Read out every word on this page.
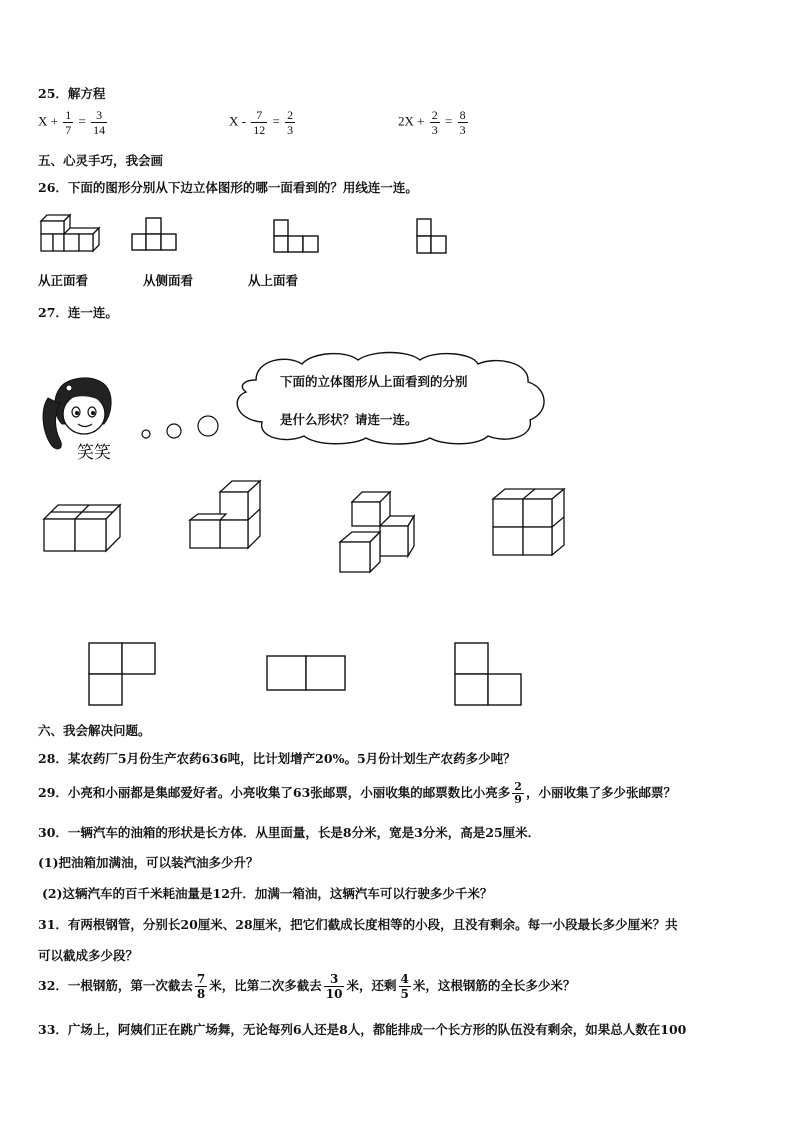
25．解方程
$X + \frac{1}{7} = \frac{3}{14}$	$X - \frac{7}{12} = \frac{2}{3}$	$2X + \frac{2}{3} = \frac{8}{3}$
五、心灵手巧，我会画
26．下面的图形分别从下边立体图形的哪一面看到的？用线连一连。
从正面看	从侧面看	从上面看
27．连一连。
笑笑
下面的立体图形从上面看到的分别
是什么形状？请连一连。
六、我会解决问题。
28．某农药厂5月份生产农药636吨，比计划增产20%。5月份计划生产农药多少吨？
29．小亮和小丽都是集邮爱好者。小亮收集了63张邮票，小丽收集的邮票数比小亮多 $\frac{2}{9}$ ，小丽收集了多少张邮票？
30．一辆汽车的油箱的形状是长方体．从里面量，长是8分米，宽是3分米，高是25厘米．
(1)把油箱加满油，可以装汽油多少升？
(2)这辆汽车的百千米耗油量是12升．加满一箱油，这辆汽车可以行驶多少千米？
31．有两根钢管，分别长20厘米、28厘米，把它们截成长度相等的小段，且没有剩余。每一小段最长多少厘米？共
可以截成多少段？
32．一根钢筋，第一次截去 $\frac{7}{8}$ 米，比第二次多截去 $\frac{3}{10}$ 米，还剩 $\frac{4}{5}$ 米，这根钢筋的全长多少米？
33．广场上，阿姨们正在跳广场舞，无论每列6人还是8人，都能排成一个长方形的队伍没有剩余，如果总人数在100
